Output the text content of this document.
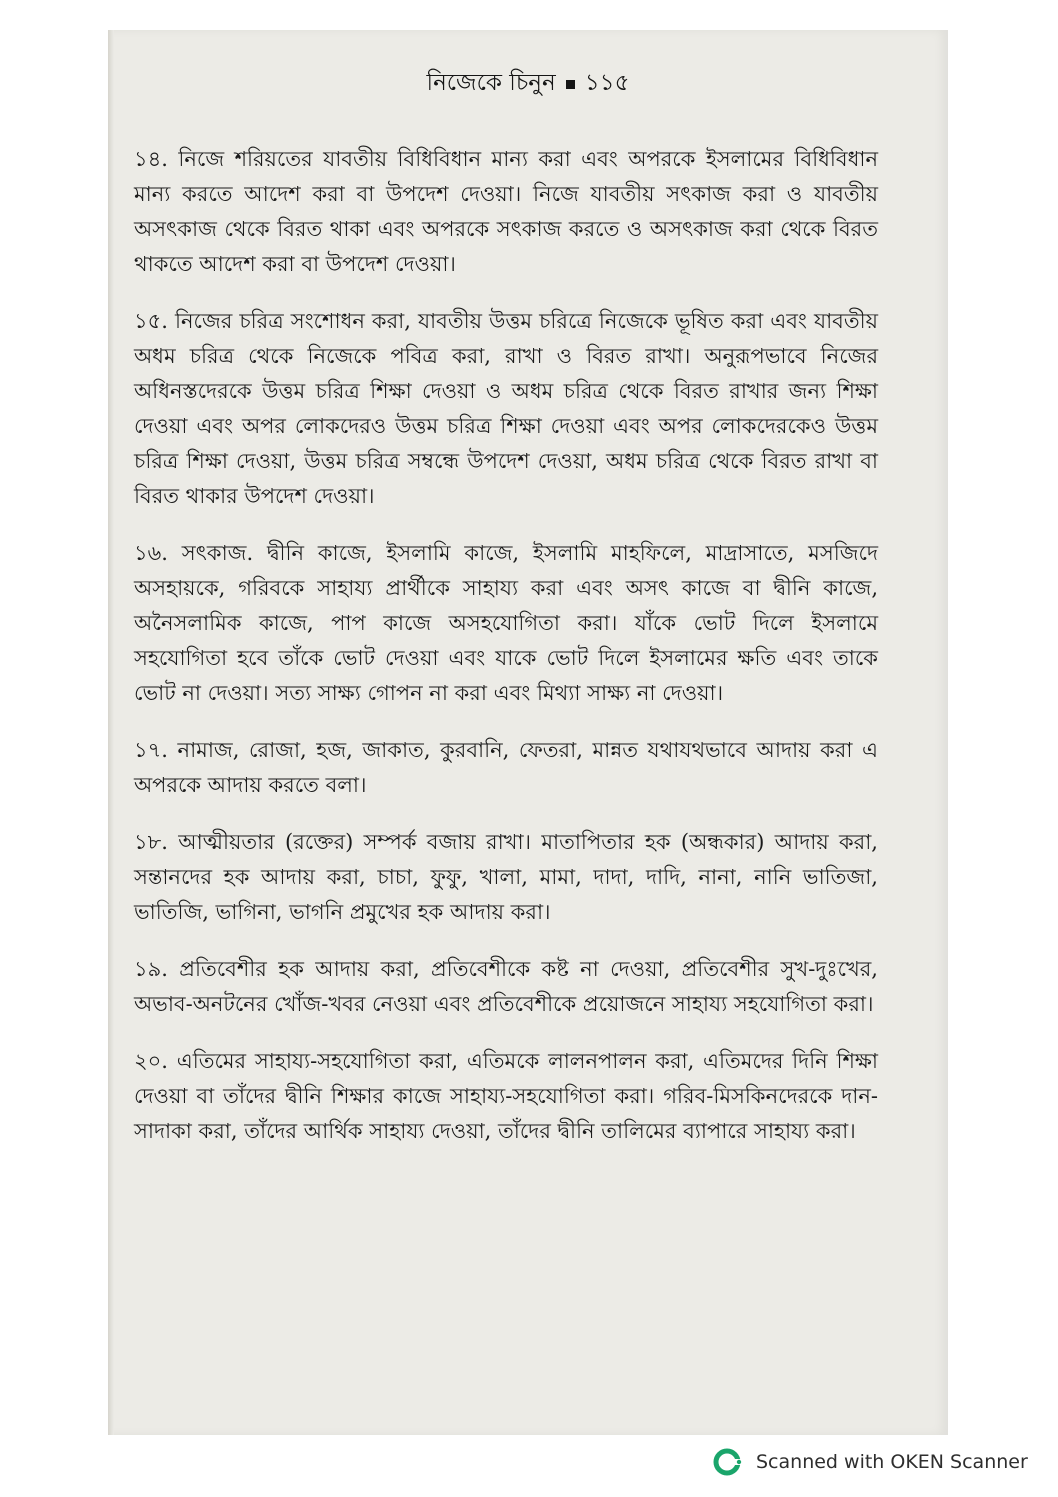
নিজেকে চিনুন ১১৫

১৪. নিজে শরিয়তের যাবতীয় বিধিবিধান মান্য করা এবং অপরকে ইসলামের বিধিবিধান মান্য করতে আদেশ করা বা উপদেশ দেওয়া। নিজে যাবতীয় সৎকাজ করা ও যাবতীয় অসৎকাজ থেকে বিরত থাকা এবং অপরকে সৎকাজ করতে ও অসৎকাজ করা থেকে বিরত থাকতে আদেশ করা বা উপদেশ দেওয়া।

১৫. নিজের চরিত্র সংশোধন করা, যাবতীয় উত্তম চরিত্রে নিজেকে ভূষিত করা এবং যাবতীয় অধম চরিত্র থেকে নিজেকে পবিত্র করা, রাখা ও বিরত রাখা। অনুরূপভাবে নিজের অধিনস্তদেরকে উত্তম চরিত্র শিক্ষা দেওয়া ও অধম চরিত্র থেকে বিরত রাখার জন্য শিক্ষা দেওয়া এবং অপর লোকদেরও উত্তম চরিত্র শিক্ষা দেওয়া এবং অপর লোকদেরকেও উত্তম চরিত্র শিক্ষা দেওয়া, উত্তম চরিত্র সম্বন্ধে উপদেশ দেওয়া, অধম চরিত্র থেকে বিরত রাখা বা বিরত থাকার উপদেশ দেওয়া।

১৬. সৎকাজ. দ্বীনি কাজে, ইসলামি কাজে, ইসলামি মাহফিলে, মাদ্রাসাতে, মসজিদে অসহায়কে, গরিবকে সাহায্য প্রার্থীকে সাহায্য করা এবং অসৎ কাজে বা দ্বীনি কাজে, অনৈসলামিক কাজে, পাপ কাজে অসহযোগিতা করা। যাঁকে ভোট দিলে ইসলামে সহযোগিতা হবে তাঁকে ভোট দেওয়া এবং যাকে ভোট দিলে ইসলামের ক্ষতি এবং তাকে ভোট না দেওয়া। সত্য সাক্ষ্য গোপন না করা এবং মিথ্যা সাক্ষ্য না দেওয়া।

১৭. নামাজ, রোজা, হজ, জাকাত, কুরবানি, ফেতরা, মান্নত যথাযথভাবে আদায় করা এ অপরকে আদায় করতে বলা।

১৮. আত্মীয়তার (রক্তের) সম্পর্ক বজায় রাখা। মাতাপিতার হক (অন্ধকার) আদায় করা, সন্তানদের হক আদায় করা, চাচা, ফুফু, খালা, মামা, দাদা, দাদি, নানা, নানি ভাতিজা, ভাতিজি, ভাগিনা, ভাগনি প্রমুখের হক আদায় করা।

১৯. প্রতিবেশীর হক আদায় করা, প্রতিবেশীকে কষ্ট না দেওয়া, প্রতিবেশীর সুখ-দুঃখের, অভাব-অনটনের খোঁজ-খবর নেওয়া এবং প্রতিবেশীকে প্রয়োজনে সাহায্য সহযোগিতা করা।

২০. এতিমের সাহায্য-সহযোগিতা করা, এতিমকে লালনপালন করা, এতিমদের দিনি শিক্ষা দেওয়া বা তাঁদের দ্বীনি শিক্ষার কাজে সাহায্য-সহযোগিতা করা। গরিব-মিসকিনদেরকে দান-সাদাকা করা, তাঁদের আর্থিক সাহায্য দেওয়া, তাঁদের দ্বীনি তালিমের ব্যাপারে সাহায্য করা।

Scanned with OKEN Scanner
